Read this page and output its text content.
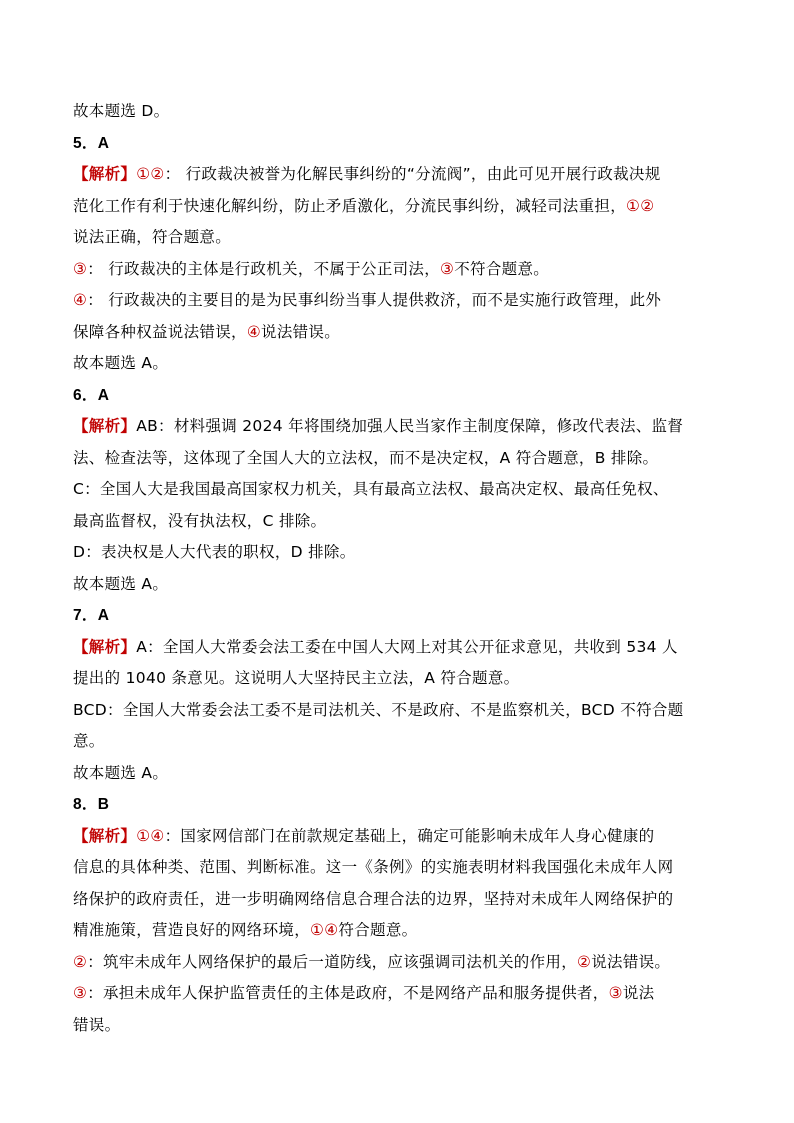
故本题选 D。
5．A
【解析】①②： 行政裁决被誉为化解民事纠纷的“分流阀”，由此可见开展行政裁决规
范化工作有利于快速化解纠纷，防止矛盾激化，分流民事纠纷，减轻司法重担，①②
说法正确，符合题意。
③： 行政裁决的主体是行政机关，不属于公正司法，③不符合题意。
④： 行政裁决的主要目的是为民事纠纷当事人提供救济，而不是实施行政管理，此外
保障各种权益说法错误，④说法错误。
故本题选 A。
6．A
【解析】AB：材料强调 2024 年将围绕加强人民当家作主制度保障，修改代表法、监督
法、检查法等，这体现了全国人大的立法权，而不是决定权，A 符合题意，B 排除。
C：全国人大是我国最高国家权力机关，具有最高立法权、最高决定权、最高任免权、
最高监督权，没有执法权，C 排除。
D：表决权是人大代表的职权，D 排除。
故本题选 A。
7．A
【解析】A：全国人大常委会法工委在中国人大网上对其公开征求意见，共收到 534 人
提出的 1040 条意见。这说明人大坚持民主立法，A 符合题意。
BCD：全国人大常委会法工委不是司法机关、不是政府、不是监察机关，BCD 不符合题
意。
故本题选 A。
8．B
【解析】①④：国家网信部门在前款规定基础上，确定可能影响未成年人身心健康的
信息的具体种类、范围、判断标准。这一《条例》的实施表明材料我国强化未成年人网
络保护的政府责任，进一步明确网络信息合理合法的边界，坚持对未成年人网络保护的
精准施策，营造良好的网络环境，①④符合题意。
②：筑牢未成年人网络保护的最后一道防线，应该强调司法机关的作用，②说法错误。
③：承担未成年人保护监管责任的主体是政府，不是网络产品和服务提供者，③说法
错误。
